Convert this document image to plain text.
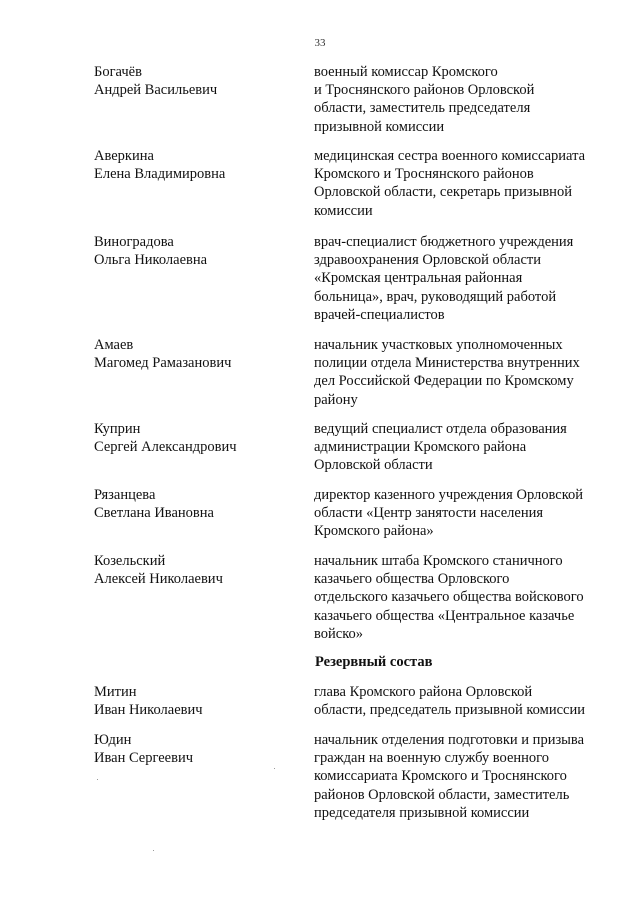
33
Богачёв
Андрей Васильевич
военный комиссар Кромского
и Троснянского районов Орловской
области, заместитель председателя
призывной комиссии
Аверкина
Елена Владимировна
медицинская сестра военного комиссариата
Кромского и Троснянского районов
Орловской области, секретарь призывной
комиссии
Виноградова
Ольга Николаевна
врач-специалист бюджетного учреждения
здравоохранения Орловской области
«Кромская центральная районная
больница», врач, руководящий работой
врачей-специалистов
Амаев
Магомед Рамазанович
начальник участковых уполномоченных
полиции отдела Министерства внутренних
дел Российской Федерации по Кромскому
району
Куприн
Сергей Александрович
ведущий специалист отдела образования
администрации Кромского района
Орловской области
Рязанцева
Светлана Ивановна
директор казенного учреждения Орловской
области «Центр занятости населения
Кромского района»
Козельский
Алексей Николаевич
начальник штаба Кромского станичного
казачьего общества Орловского
отдельского казачьего общества войскового
казачьего общества «Центральное казачье
войско»
Резервный состав
Митин
Иван Николаевич
глава Кромского района Орловской
области, председатель призывной комиссии
Юдин
Иван Сергеевич
начальник отделения подготовки и призыва
граждан на военную службу военного
комиссариата Кромского и Троснянского
районов Орловской области, заместитель
председателя призывной комиссии
